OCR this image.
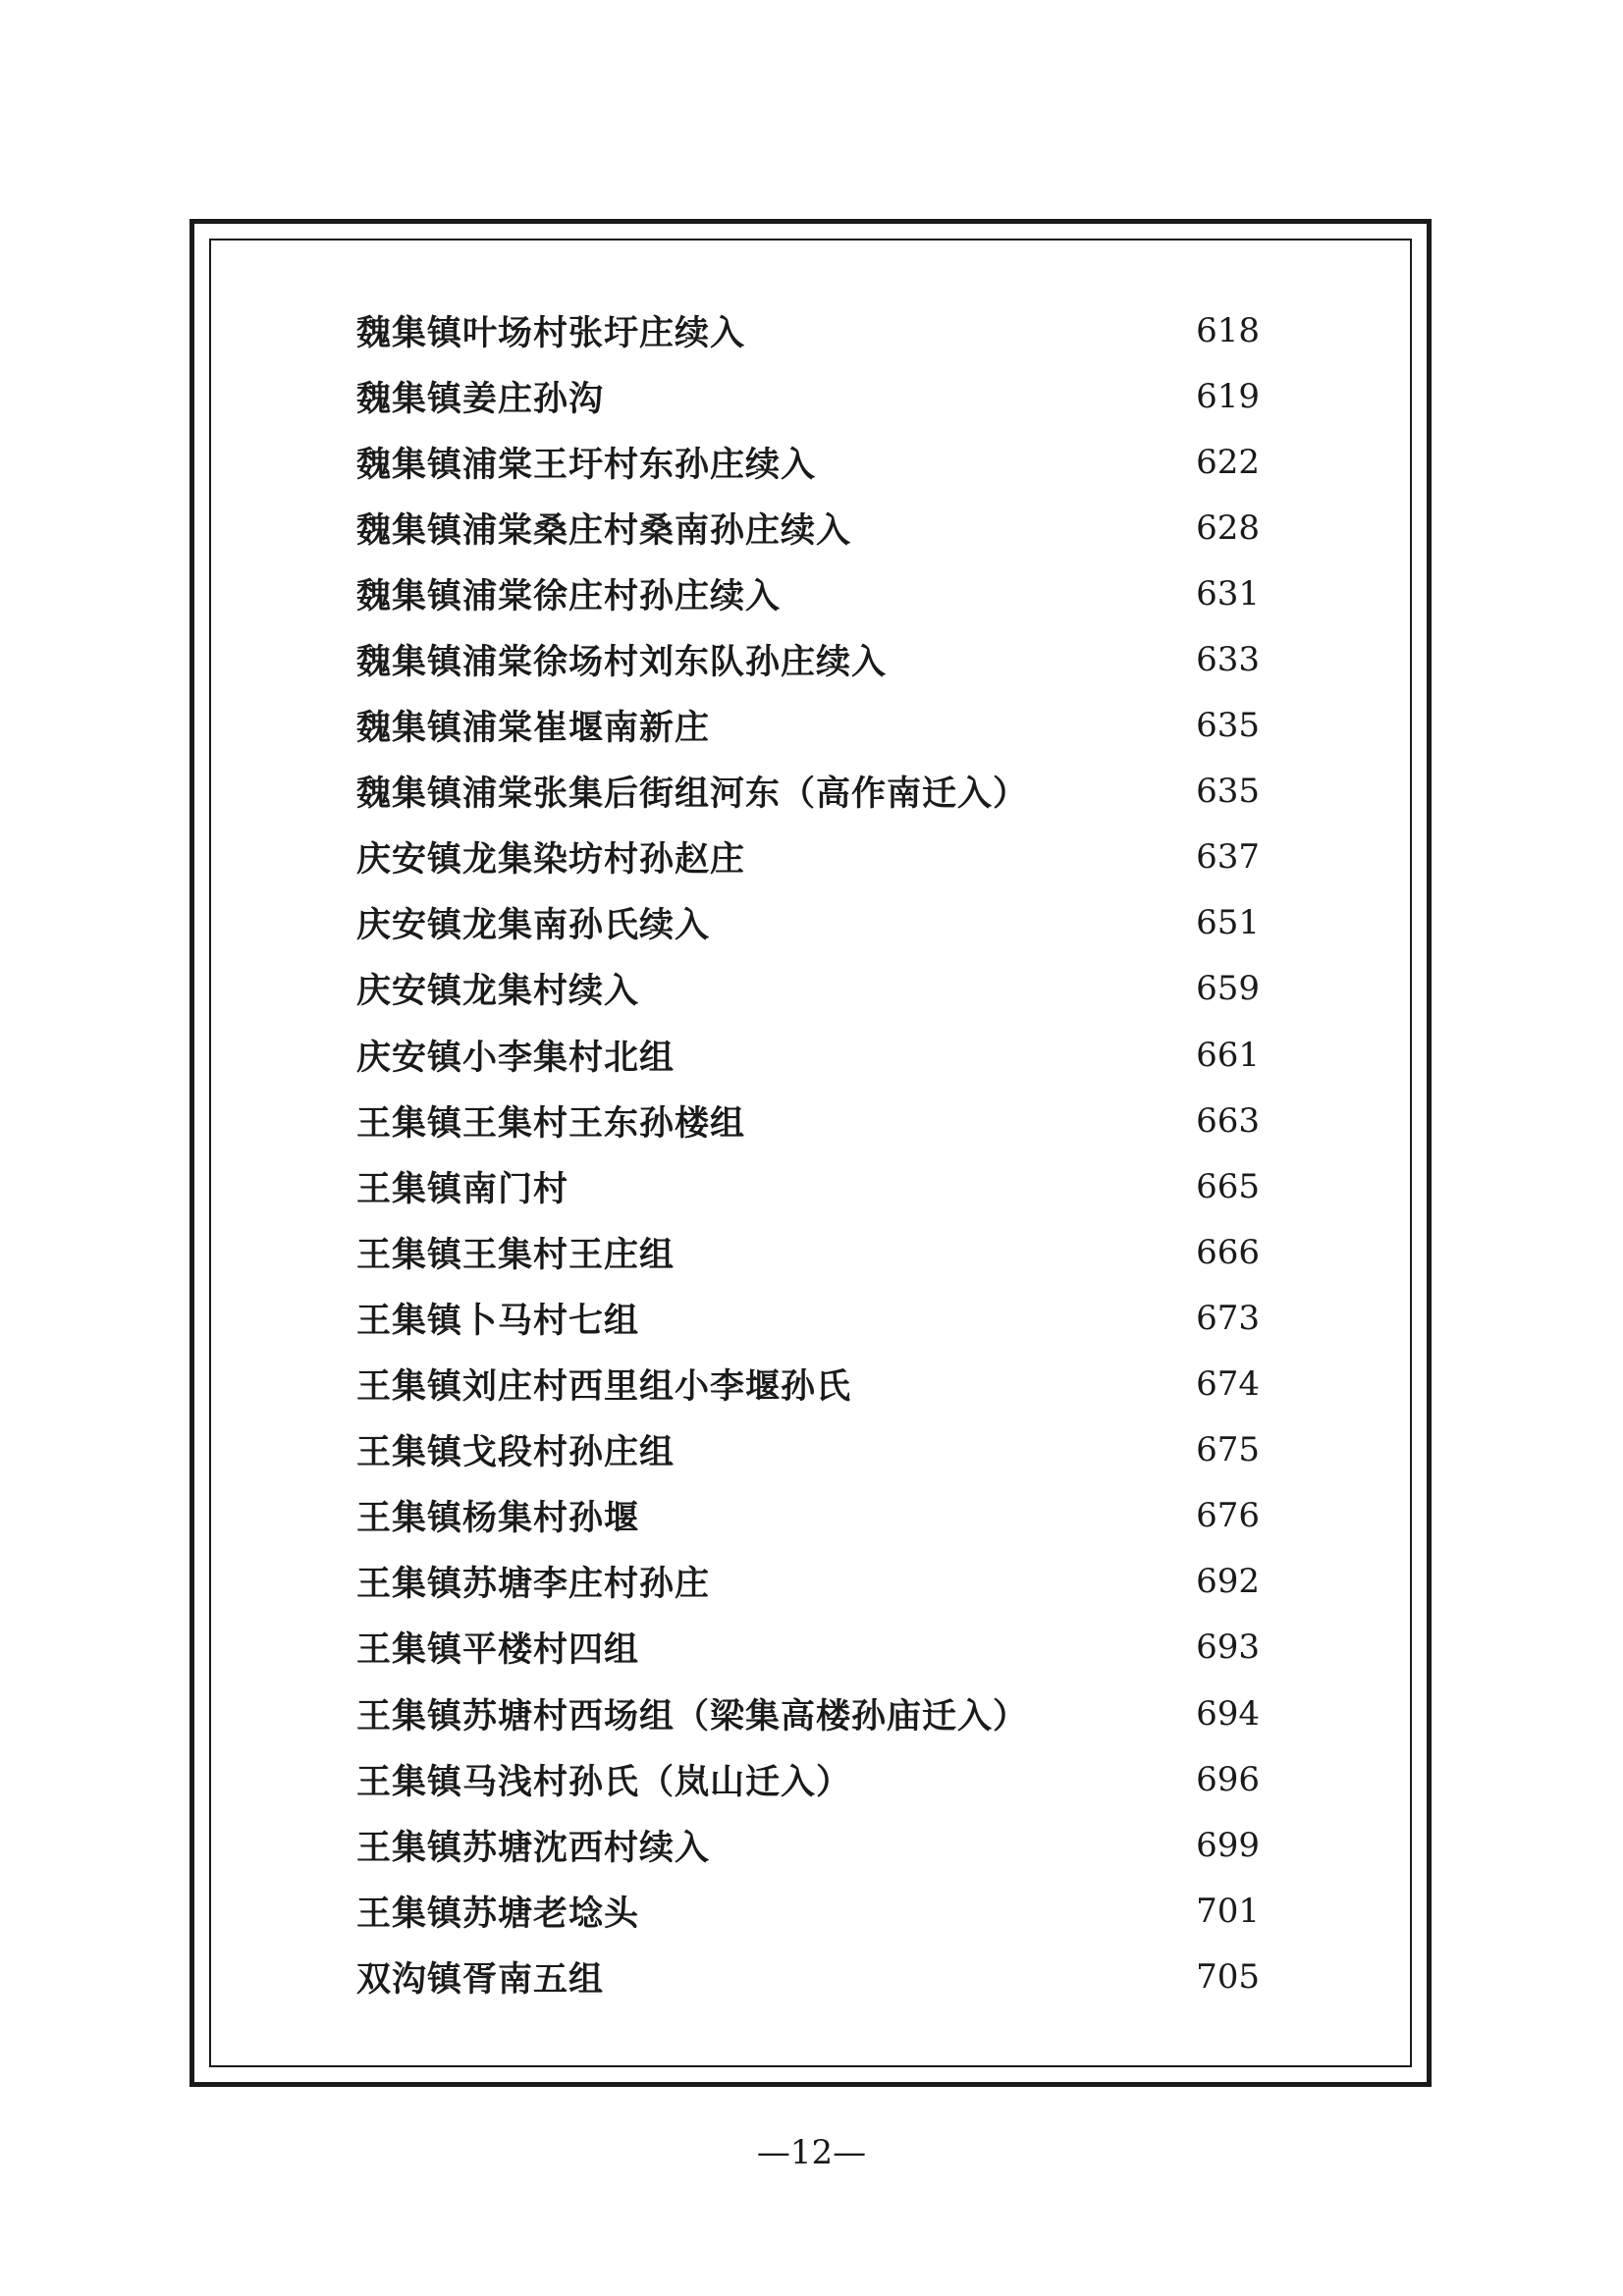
魏集镇叶场村张圩庄续入	618
魏集镇姜庄孙沟	619
魏集镇浦棠王圩村东孙庄续入	622
魏集镇浦棠桑庄村桑南孙庄续入	628
魏集镇浦棠徐庄村孙庄续入	631
魏集镇浦棠徐场村刘东队孙庄续入	633
魏集镇浦棠崔堰南新庄	635
魏集镇浦棠张集后街组河东（高作南迁入）	635
庆安镇龙集染坊村孙赵庄	637
庆安镇龙集南孙氏续入	651
庆安镇龙集村续入	659
庆安镇小李集村北组	661
王集镇王集村王东孙楼组	663
王集镇南门村	665
王集镇王集村王庄组	666
王集镇卜马村七组	673
王集镇刘庄村西里组小李堰孙氏	674
王集镇戈段村孙庄组	675
王集镇杨集村孙堰	676
王集镇苏塘李庄村孙庄	692
王集镇平楼村四组	693
王集镇苏塘村西场组（梁集高楼孙庙迁入）	694
王集镇马浅村孙氏（岚山迁入）	696
王集镇苏塘沈西村续入	699
王集镇苏塘老埝头	701
双沟镇胥南五组	705
—12—
